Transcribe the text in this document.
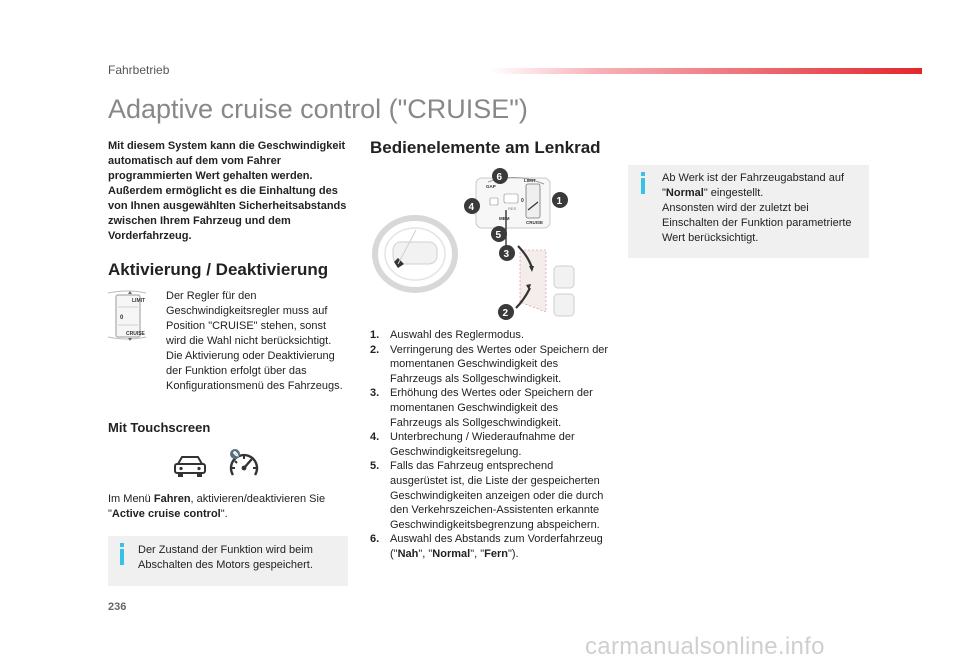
Fahrbetrieb
Adaptive cruise control ("CRUISE")
Mit diesem System kann die Geschwindigkeit automatisch auf dem vom Fahrer programmierten Wert gehalten werden.
Außerdem ermöglicht es die Einhaltung des von Ihnen ausgewählten Sicherheitsabstands zwischen Ihrem Fahrzeug und dem Vorderfahrzeug.
Aktivierung / Deaktivierung
LIMIT
0
CRUISE
Der Regler für den Geschwindigkeitsregler muss auf Position "CRUISE" stehen, sonst wird die Wahl nicht berücksichtigt. Die Aktivierung oder Deaktivierung der Funktion erfolgt über das Konfigurationsmenü des Fahrzeugs.
Mit Touchscreen
✎
Im Menü Fahren, aktivieren/deaktivieren Sie "Active cruise control".
Der Zustand der Funktion wird beim Abschalten des Motors gespeichert.
Bedienelemente am Lenkrad
LIMIT
0
CRUISE
GAP
MEM
RES
6
4
1
5
3
2
1. Auswahl des Reglermodus.
2. Verringerung des Wertes oder Speichern der momentanen Geschwindigkeit des Fahrzeugs als Sollgeschwindigkeit.
3. Erhöhung des Wertes oder Speichern der momentanen Geschwindigkeit des Fahrzeugs als Sollgeschwindigkeit.
4. Unterbrechung / Wiederaufnahme der Geschwindigkeitsregelung.
5. Falls das Fahrzeug entsprechend ausgerüstet ist, die Liste der gespeicherten Geschwindigkeiten anzeigen oder die durch den Verkehrszeichen-Assistenten erkannte Geschwindigkeitsbegrenzung abspeichern.
6. Auswahl des Abstands zum Vorderfahrzeug ("Nah", "Normal", "Fern").
Ab Werk ist der Fahrzeugabstand auf "Normal" eingestellt.
Ansonsten wird der zuletzt bei Einschalten der Funktion parametrierte Wert berücksichtigt.
236
carmanualsonline.info
